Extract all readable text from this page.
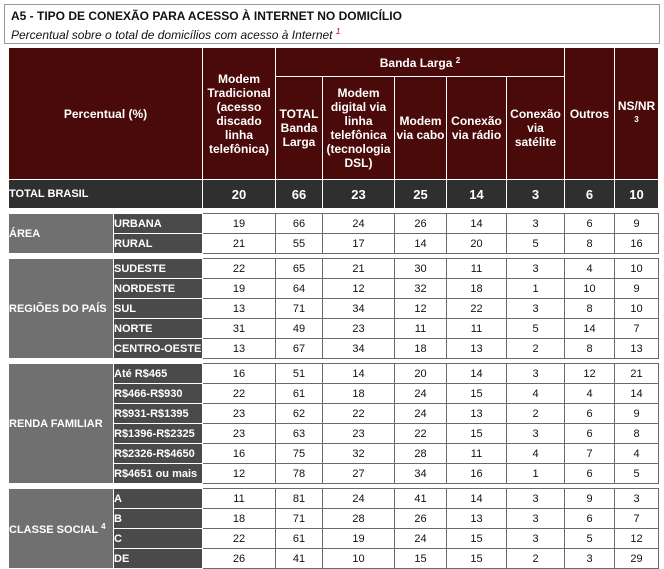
A5 - TIPO DE CONEXÃO PARA ACESSO À INTERNET NO DOMICÍLIO
Percentual sobre o total de domicílios com acesso à Internet $^1$
Percentual (%)		Modem Tradicional (acesso discado linha telefônica)	Banda Larga $^2$					Outros	NS/NR
$^3$
			TOTAL Banda Larga	Modem digital via linha telefônica (tecnologia DSL)	Modem via cabo	Conexão via rádio	Conexão via satélite		
TOTAL BRASIL		20	66	23	25	14	3	6	10

ÁREA	URBANA	19	66	24	26	14	3	6	9
	RURAL	21	55	17	14	20	5	8	16

REGIÕES DO PAÍS	SUDESTE	22	65	21	30	11	3	4	10
	NORDESTE	19	64	12	32	18	1	10	9
	SUL	13	71	34	12	22	3	8	10
	NORTE	31	49	23	11	11	5	14	7
	CENTRO-OESTE	13	67	34	18	13	2	8	13

RENDA FAMILIAR	Até R$465	16	51	14	20	14	3	12	21
	R$466-R$930	22	61	18	24	15	4	4	14
	R$931-R$1395	23	62	22	24	13	2	6	9
	R$1396-R$2325	23	63	23	22	15	3	6	8
	R$2326-R$4650	16	75	32	28	11	4	7	4
	R$4651 ou mais	12	78	27	34	16	1	6	5

CLASSE SOCIAL $^4$	A	11	81	24	41	14	3	9	3
	B	18	71	28	26	13	3	6	7
	C	22	61	19	24	15	3	5	12
	DE	26	41	10	15	15	2	3	29
